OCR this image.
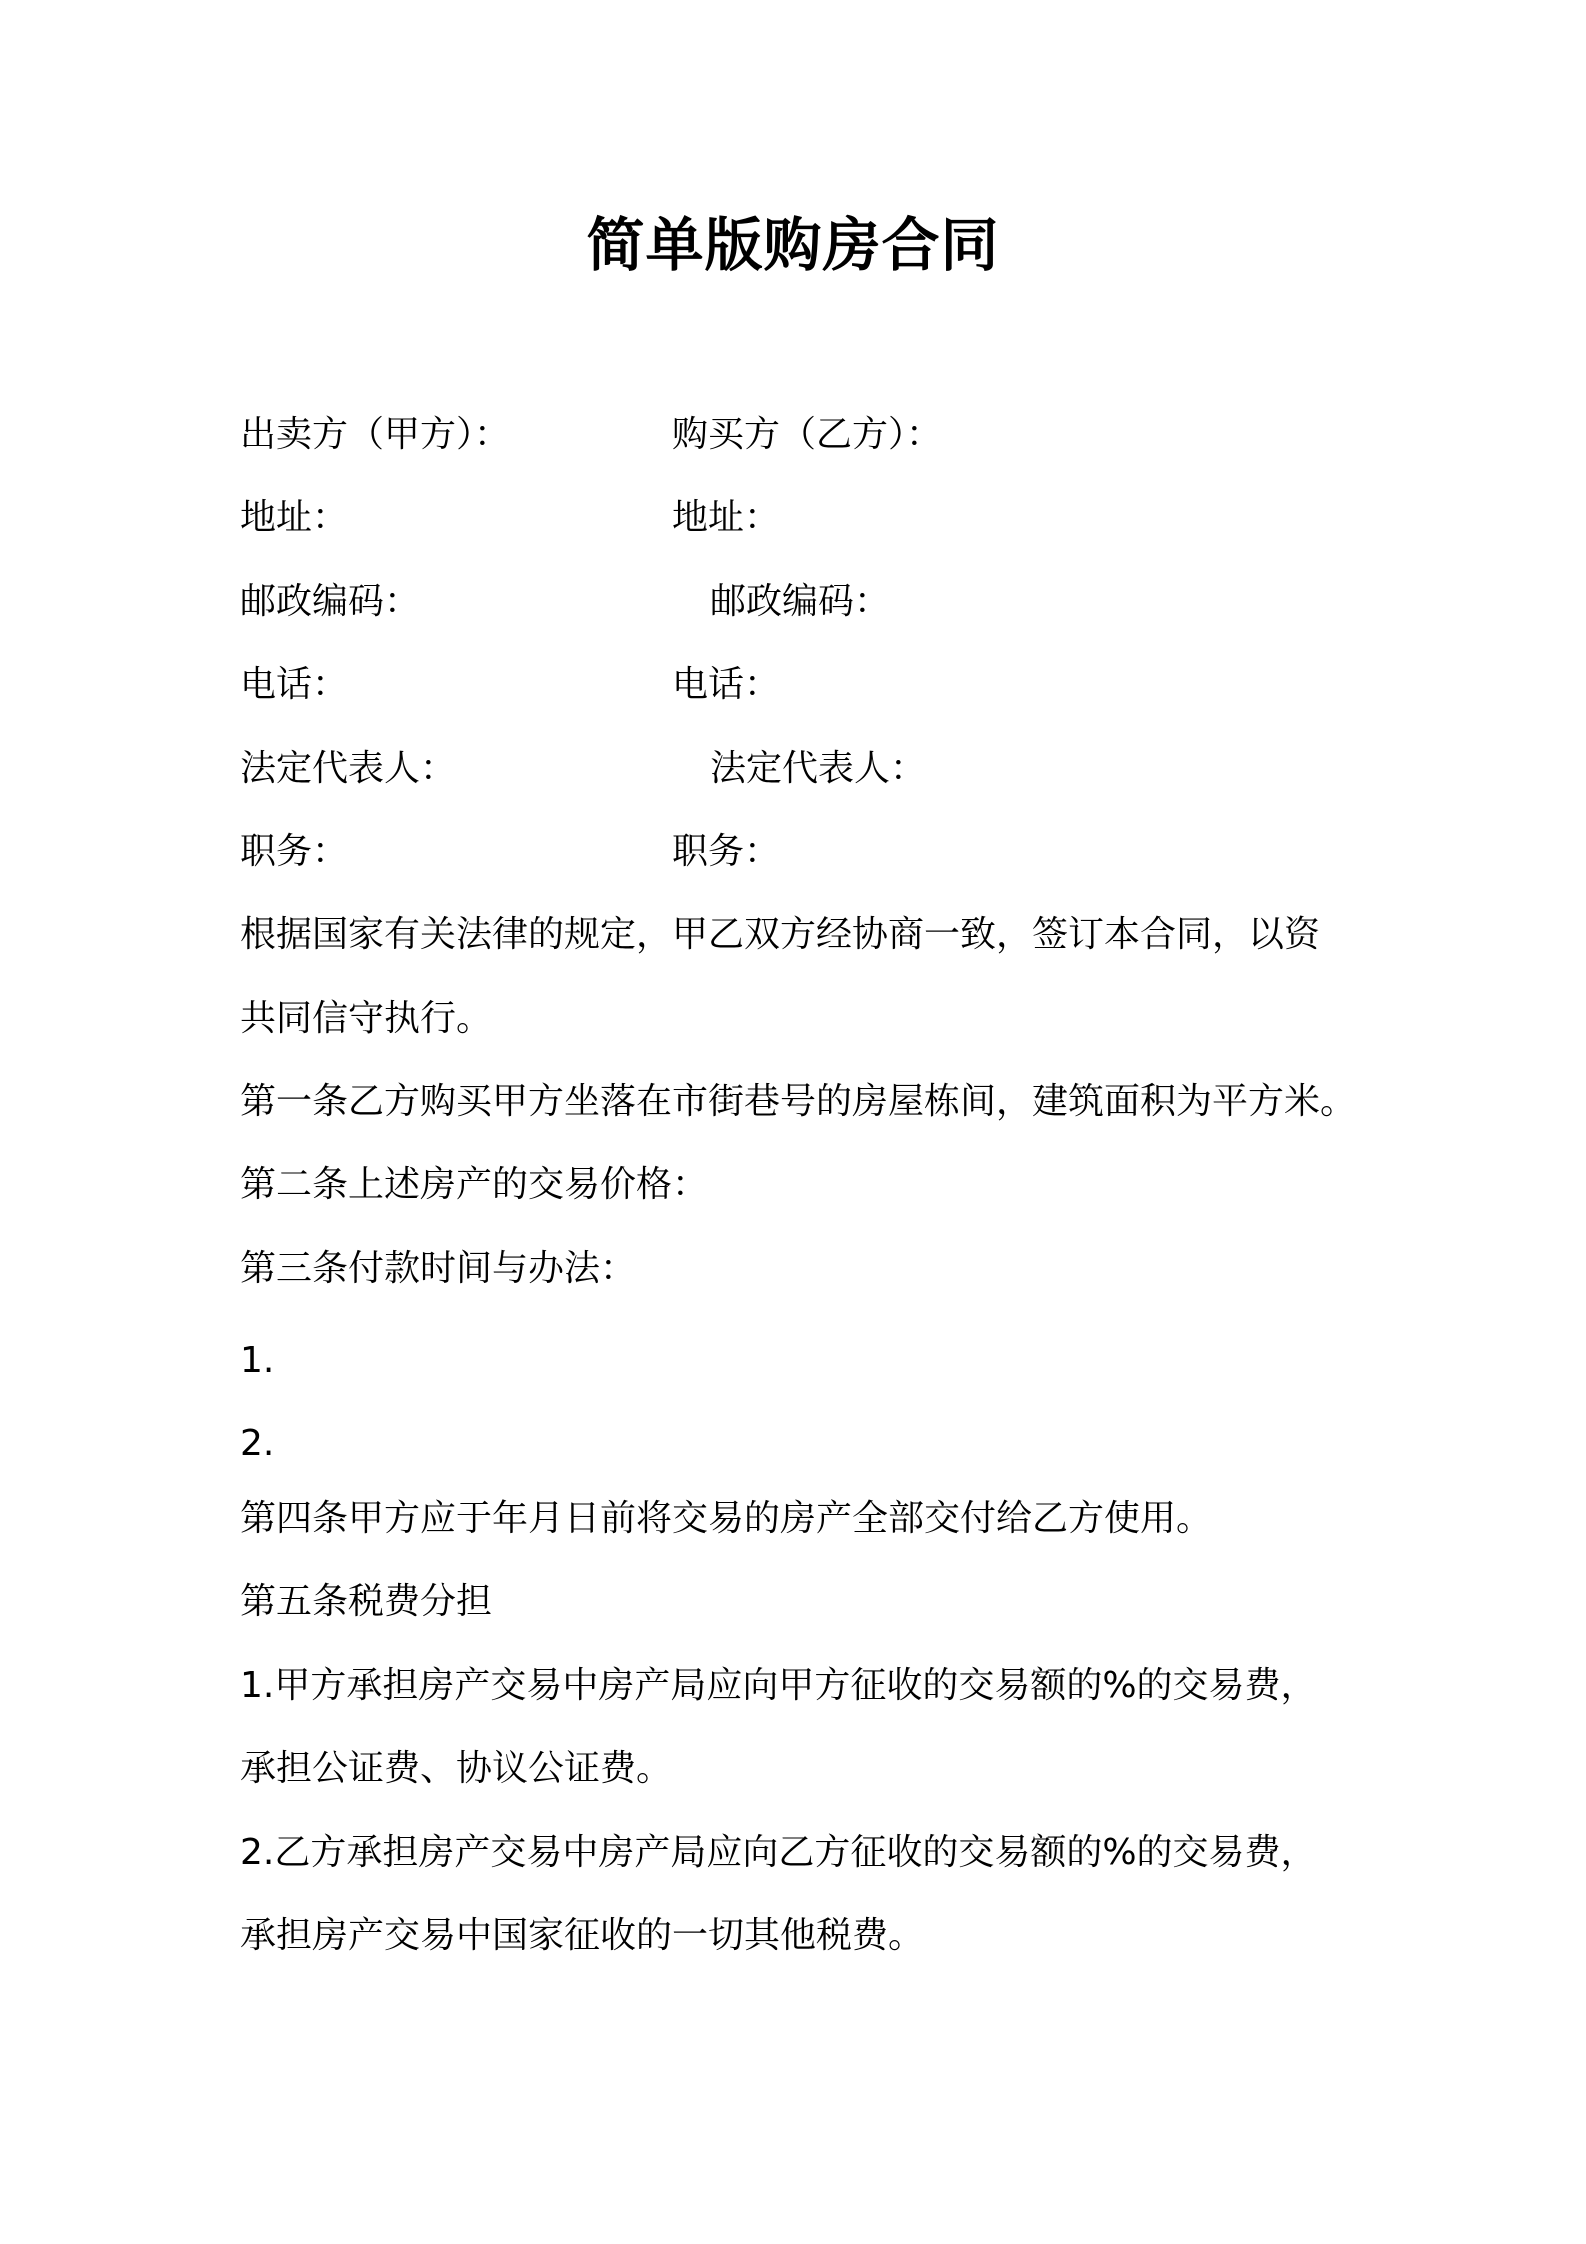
简单版购房合同
出卖方（甲方）：	购买方（乙方）：
地址：	地址：
邮政编码：	邮政编码：
电话：	电话：
法定代表人：	法定代表人：
职务：	职务：
根据国家有关法律的规定，甲乙双方经协商一致，签订本合同，以资
共同信守执行。
第一条乙方购买甲方坐落在市街巷号的房屋栋间，建筑面积为平方米。
第二条上述房产的交易价格：
第三条付款时间与办法：
1.
2.
第四条甲方应于年月日前将交易的房产全部交付给乙方使用。
第五条税费分担
1.甲方承担房产交易中房产局应向甲方征收的交易额的%的交易费，
承担公证费、协议公证费。
2.乙方承担房产交易中房产局应向乙方征收的交易额的%的交易费，
承担房产交易中国家征收的一切其他税费。
